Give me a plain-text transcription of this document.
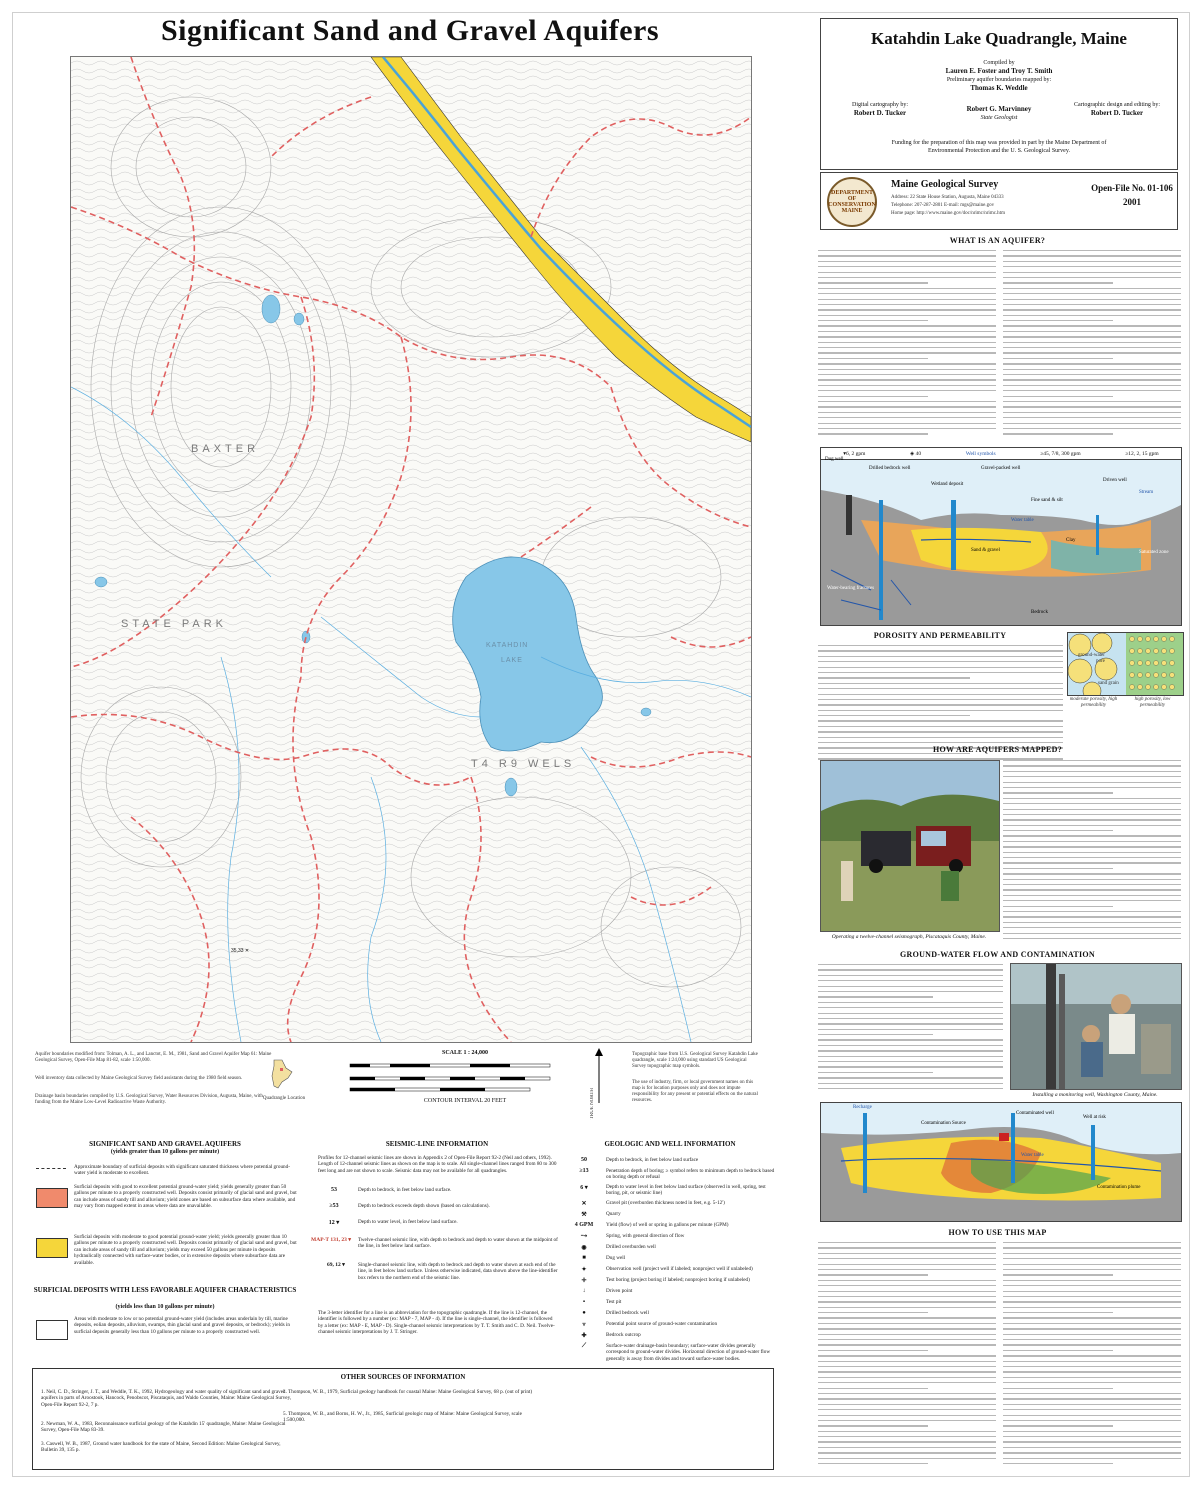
Significant Sand and Gravel Aquifers
BAXTER
STATE PARK
T4 R9 WELS
KATAHDIN
LAKE
35,33 ✕
Aquifer boundaries modified from: Tolman, A. L., and Lanctot, E. M., 1981, Sand and Gravel Aquifer Map 61: Maine Geological Survey, Open-File Map 81-82, scale 1:50,000.
Well inventory data collected by Maine Geological Survey field assistants during the 1980 field season.
Drainage basin boundaries compiled by U.S. Geological Survey, Water Resources Division, Augusta, Maine, with funding from the Maine Low-Level Radioactive Waste Authority.
Quadrangle Location
SCALE 1 : 24,000
CONTOUR INTERVAL 20 FEET	TRUE NORTH
Topographic base from U.S. Geological Survey Katahdin Lake quadrangle, scale 1:24,000 using standard US Geological Survey topographic map symbols.
The use of industry, firm, or local government names on this map is for location purposes only and does not impute responsibility for any present or potential effects on the natural resources.
SIGNIFICANT SAND AND GRAVEL AQUIFERS
(yields greater than 10 gallons per minute)
Approximate boundary of surficial deposits with significant saturated thickness where potential ground-water yield is moderate to excellent.
Surficial deposits with good to excellent potential ground-water yield; yields generally greater than 50 gallons per minute to a properly constructed well. Deposits consist primarily of glacial sand and gravel, but can include areas of sandy till and alluvium; yield zones are based on subsurface data where available, and may vary from mapped extent in areas where data are unavailable.
Surficial deposits with moderate to good potential ground-water yield; yields generally greater than 10 gallons per minute to a properly constructed well. Deposits consist primarily of glacial sand and gravel, but can include areas of sandy till and alluvium; yields may exceed 50 gallons per minute in deposits hydraulically connected with surface-water bodies, or in extensive deposits where subsurface data are available.
SURFICIAL DEPOSITS WITH LESS FAVORABLE AQUIFER CHARACTERISTICS
(yields less than 10 gallons per minute)
Areas with moderate to low or no potential ground-water yield (includes areas underlain by till, marine deposits, eolian deposits, alluvium, swamps, thin glacial sand and gravel deposits, or bedrock); yields in surficial deposits generally less than 10 gallons per minute to a properly constructed well.
SEISMIC-LINE INFORMATION
Profiles for 12-channel seismic lines are shown in Appendix 2 of Open-File Report 92-2 (Neil and others, 1992). Length of 12-channel seismic lines as shown on the map is to scale. All single-channel lines ranged from 80 to 300 feet long and are not shown to scale. Seismic data may not be available for all quadrangles.
53	Depth to bedrock, in feet below land surface.
≥53	Depth to bedrock exceeds depth shown (based on calculations).
12 ▾	Depth to water level, in feet below land surface.
MAP-T 131, 23 ▾	Twelve-channel seismic line, with depth to bedrock and depth to water shown at the midpoint of the line, in feet below land surface.
69, 12 ▾	Single-channel seismic line, with depth to bedrock and depth to water shown at each end of the line, in feet below land surface. Unless otherwise indicated, data shown above the line-identifier box refers to the northern end of the seismic line.
The 3-letter identifier for a line is an abbreviation for the topographic quadrangle. If the line is 12-channel, the identifier is followed by a number (ex: MAP - 7, MAP - 4). If the line is single-channel, the identifier is followed by a letter (ex: MAP - E, MAP - D). Single-channel seismic interpretations by T. T. Smith and C. D. Neil. Twelve-channel seismic interpretations by J. T. Stringer.
GEOLOGIC AND WELL INFORMATION
50	Depth to bedrock, in feet below land surface
≥13	Penetration depth of boring; ≥ symbol refers to minimum depth to bedrock based on boring depth or refusal
6 ▾	Depth to water level in feet below land surface (observed in well, spring, test boring, pit, or seismic line)
✕	Gravel pit (overburden thickness noted in feet, e.g. 5-12')
⚒	Quarry
4 GPM	Yield (flow) of well or spring in gallons per minute (GPM)
⤍	Spring, with general direction of flow
◉	Drilled overburden well
■	Dug well
✦	Observation well (project well if labeled; nonproject well if unlabeled)
✛	Test boring (project boring if labeled; nonproject boring if unlabeled)
↓	Driven point
▪	Test pit
●	Drilled bedrock well
▿	Potential point source of ground-water contamination
✚	Bedrock outcrop
⟋	Surface-water drainage-basin boundary; surface-water divides generally correspond to ground-water divides. Horizontal direction of ground-water flow generally is away from divides and toward surface-water bodies.
OTHER SOURCES OF INFORMATION
1. Neil, C. D., Stringer, J. T., and Weddle, T. K., 1992, Hydrogeology and water quality of significant sand and gravel aquifers in parts of Aroostook, Hancock, Penobscot, Piscataquis, and Waldo Counties, Maine: Maine Geological Survey, Open-File Report 92-2, 7 p.
2. Newman, W. A., 1983, Reconnaissance surficial geology of the Katahdin 15' quadrangle, Maine: Maine Geological Survey, Open-File Map 83-39.
3. Caswell, W. B., 1987, Ground water handbook for the state of Maine, Second Edition: Maine Geological Survey, Bulletin 39, 135 p.
4. Thompson, W. B., 1979, Surficial geology handbook for coastal Maine: Maine Geological Survey, 68 p. (out of print)
5. Thompson, W. B., and Borns, H. W., Jr., 1985, Surficial geologic map of Maine: Maine Geological Survey, scale 1:500,000.
Katahdin Lake Quadrangle, Maine
Compiled by
Lauren E. Foster and Troy T. Smith
Preliminary aquifer boundaries mapped by:
Thomas K. Weddle
Digital cartography by:
Robert D. Tucker	Robert G. Marvinney
State Geologist
Cartographic design and editing by:
Robert D. Tucker
Funding for the preparation of this map was provided in part by the Maine Department of Environmental Protection and the U. S. Geological Survey.
DEPARTMENT OF CONSERVATION MAINE
Maine Geological Survey
Address: 22 State House Station, Augusta, Maine 04333
Telephone: 207-287-2801 E-mail: mgs@maine.gov
Home page: http://www.maine.gov/doc/nrimc/nrimc.htm
Open-File No. 01-106
2001
WHAT IS AN AQUIFER?
▾6, 2 gpm	◈ 40	Well symbols	≥45, 7/8, 300 gpm	≥12, 2, 15 gpm
Dug well
Drilled bedrock well	Gravel-packed well
Wetland deposit
Fine sand & silt
Driven well
Stream
Water table
Sand & gravel
Clay
Saturated zone
Water-bearing fractures
Bedrock
POROSITY AND PERMEABILITY
ground-water
pore
sand grain
moderate porosity, high permeability
high porosity, low permeability
HOW ARE AQUIFERS MAPPED?
Operating a twelve-channel seismograph, Piscataquis County, Maine.
GROUND-WATER FLOW AND CONTAMINATION
Installing a monitoring well, Washington County, Maine.
Recharge
Contamination Source
Contaminated well
Well at risk
Water table
Contamination plume
HOW TO USE THIS MAP
